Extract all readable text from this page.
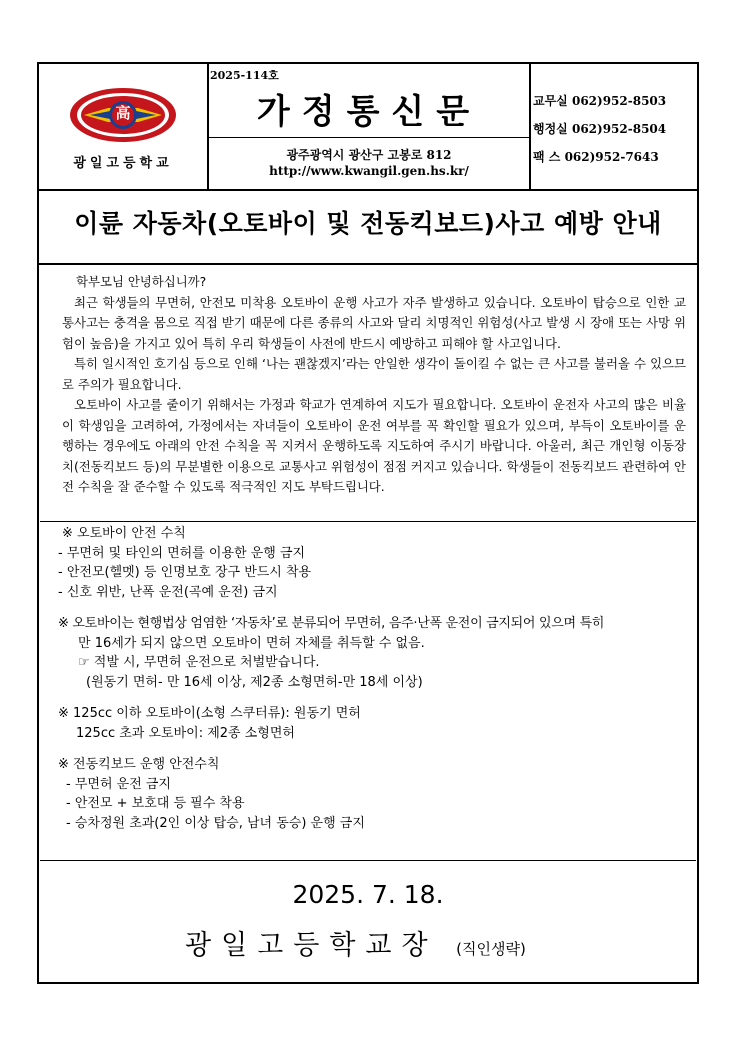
高
광일고등학교
2025-114호
가정통신문
광주광역시 광산구 고봉로 812
http://www.kwangil.gen.hs.kr/
교무실 062)952-8503
행정실 062)952-8504
팩 스 062)952-7643
이륜 자동차(오토바이 및 전동킥보드)사고 예방 안내

학부모님 안녕하십니까?

최근 학생들의 무면허, 안전모 미착용 오토바이 운행 사고가 자주 발생하고 있습니다. 오토바이 탑승으로 인한 교통사고는 충격을 몸으로 직접 받기 때문에 다른 종류의 사고와 달리 치명적인 위험성(사고 발생 시 장애 또는 사망 위험이 높음)을 가지고 있어 특히 우리 학생들이 사전에 반드시 예방하고 피해야 할 사고입니다.

특히 일시적인 호기심 등으로 인해 ‘나는 괜찮겠지’라는 안일한 생각이 돌이킬 수 없는 큰 사고를 불러올 수 있으므로 주의가 필요합니다.

오토바이 사고를 줄이기 위해서는 가정과 학교가 연계하여 지도가 필요합니다. 오토바이 운전자 사고의 많은 비율이 학생임을 고려하여, 가정에서는 자녀들이 오토바이 운전 여부를 꼭 확인할 필요가 있으며, 부득이 오토바이를 운행하는 경우에도 아래의 안전 수칙을 꼭 지켜서 운행하도록 지도하여 주시기 바랍니다. 아울러, 최근 개인형 이동장치(전동킥보드 등)의 무분별한 이용으로 교통사고 위험성이 점점 커지고 있습니다. 학생들이 전동킥보드 관련하여 안전 수칙을 잘 준수할 수 있도록 적극적인 지도 부탁드립니다.

※ 오토바이 안전 수칙
- 무면허 및 타인의 면허를 이용한 운행 금지
- 안전모(헬멧) 등 인명보호 장구 반드시 착용
- 신호 위반, 난폭 운전(곡예 운전) 금지
※ 오토바이는 현행법상 엄염한 ‘자동차’로 분류되어 무면허, 음주·난폭 운전이 금지되어 있으며 특히
만 16세가 되지 않으면 오토바이 면허 자체를 취득할 수 없음.
☞ 적발 시, 무면허 운전으로 처벌받습니다.
(원동기 면허- 만 16세 이상, 제2종 소형면허-만 18세 이상)
※ 125cc 이하 오토바이(소형 스쿠터류): 원동기 면허
125cc 초과 오토바이: 제2종 소형면허
※ 전동킥보드 운행 안전수칙
- 무면허 운전 금지
- 안전모 + 보호대 등 필수 착용
- 승차정원 초과(2인 이상 탑승, 남녀 동승) 운행 금지
2025. 7. 18.
광일고등학교장 (직인생략)
